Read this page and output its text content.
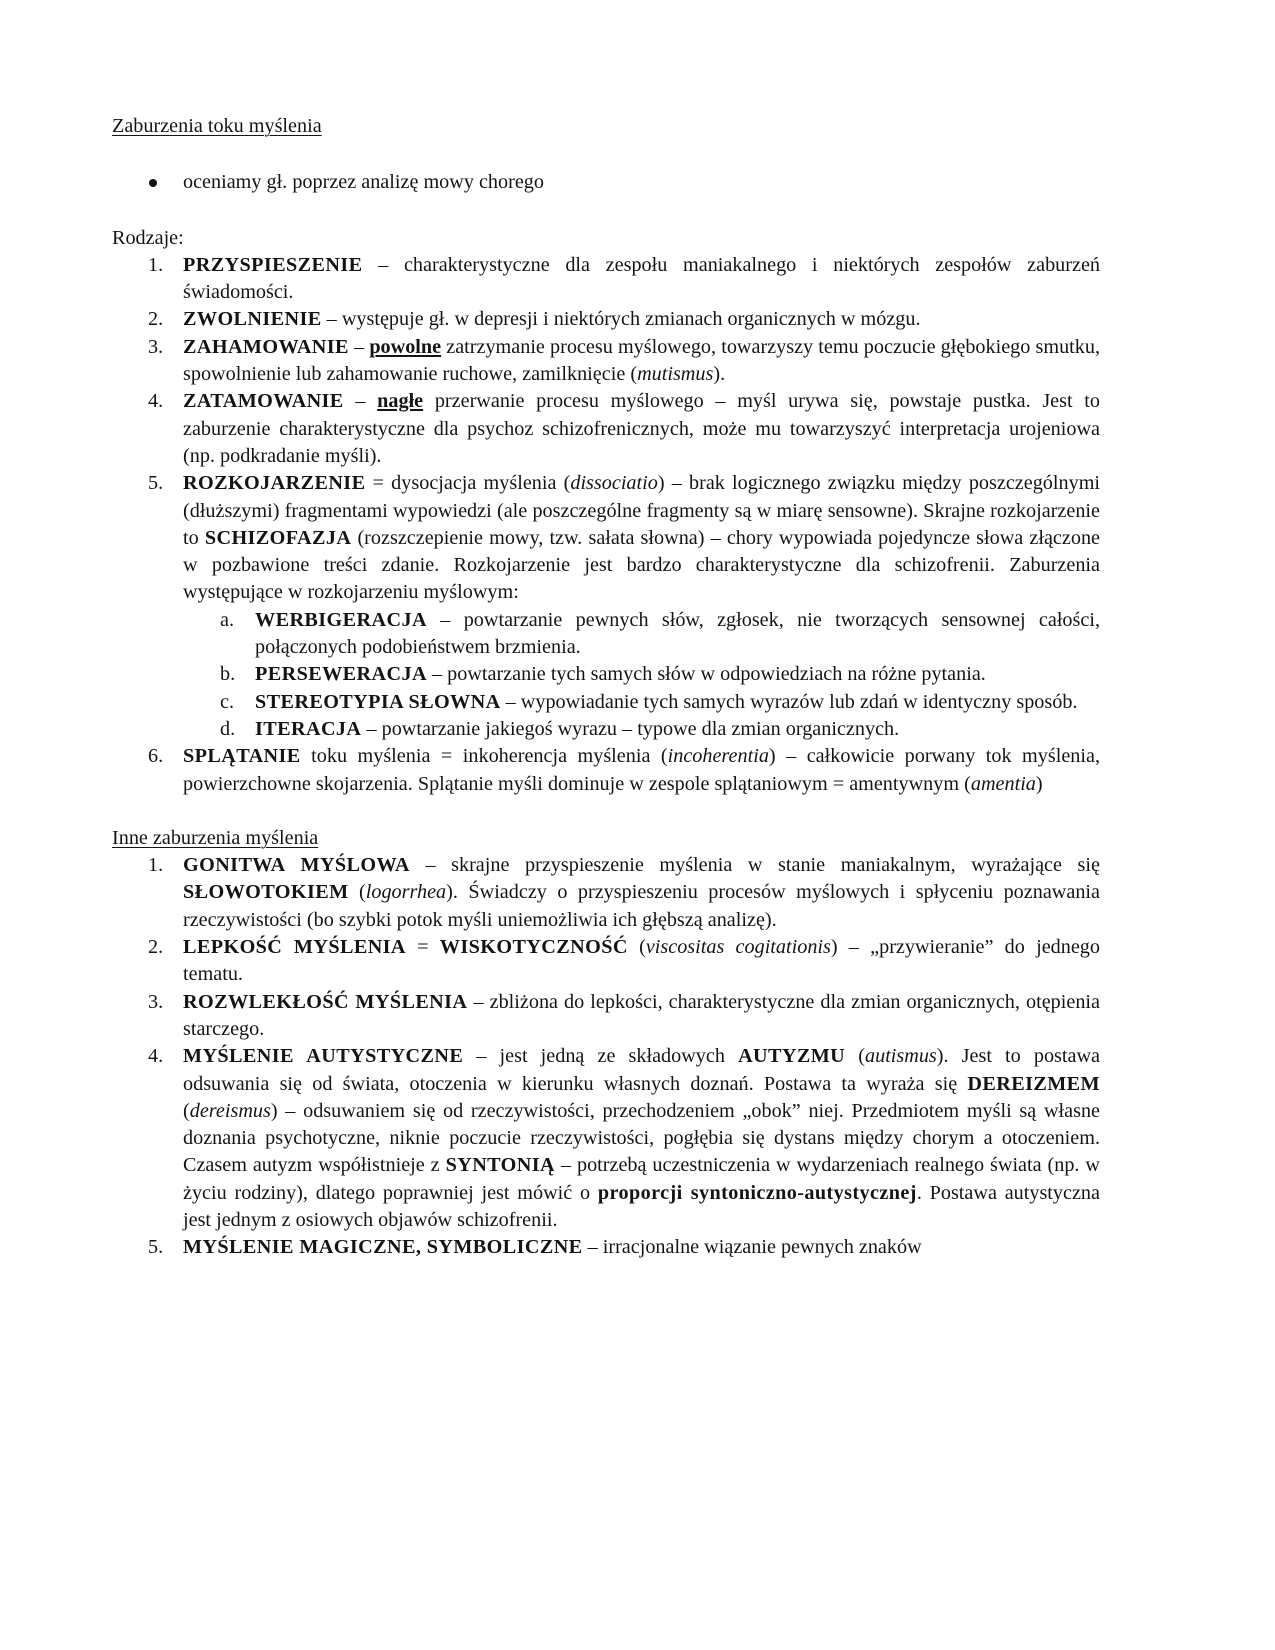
Zaburzenia toku myślenia

oceniamy gł. poprzez analizę mowy chorego

Rodzaje:

1. PRZYSPIESZENIE – charakterystyczne dla zespołu maniakalnego i niektórych zespołów zaburzeń świadomości.
2. ZWOLNIENIE – występuje gł. w depresji i niektórych zmianach organicznych w mózgu.
3. ZAHAMOWANIE – powolne zatrzymanie procesu myślowego, towarzyszy temu poczucie głębokiego smutku, spowolnienie lub zahamowanie ruchowe, zamilknięcie (mutismus).
4. ZATAMOWANIE – nagłe przerwanie procesu myślowego – myśl urywa się, powstaje pustka. Jest to zaburzenie charakterystyczne dla psychoz schizofrenicznych, może mu towarzyszyć interpretacja urojeniowa (np. podkradanie myśli).
5. ROZKOJARZENIE = dysocjacja myślenia (dissociatio) – brak logicznego związku między poszczególnymi (dłuższymi) fragmentami wypowiedzi (ale poszczególne fragmenty są w miarę sensowne). Skrajne rozkojarzenie to SCHIZOFAZJA (rozszczepienie mowy, tzw. sałata słowna) – chory wypowiada pojedyncze słowa złączone w pozbawione treści zdanie. Rozkojarzenie jest bardzo charakterystyczne dla schizofrenii. Zaburzenia występujące w rozkojarzeniu myślowym:
a. WERBIGERACJA – powtarzanie pewnych słów, zgłosek, nie tworzących sensownej całości, połączonych podobieństwem brzmienia.
b. PERSEWERACJA – powtarzanie tych samych słów w odpowiedziach na różne pytania.
c. STEREOTYPIA SŁOWNA – wypowiadanie tych samych wyrazów lub zdań w identyczny sposób.
d. ITERACJA – powtarzanie jakiegoś wyrazu – typowe dla zmian organicznych.
6. SPLĄTANIE toku myślenia = inkoherencja myślenia (incoherentia) – całkowicie porwany tok myślenia, powierzchowne skojarzenia. Splątanie myśli dominuje w zespole splątaniowym = amentywnym (amentia)

Inne zaburzenia myślenia

1. GONITWA MYŚLOWA – skrajne przyspieszenie myślenia w stanie maniakalnym, wyrażające się SŁOWOTOKIEM (logorrhea). Świadczy o przyspieszeniu procesów myślowych i spłyceniu poznawania rzeczywistości (bo szybki potok myśli uniemożliwia ich głębszą analizę).
2. LEPKOŚĆ MYŚLENIA = WISKOTYCZNOŚĆ (viscositas cogitationis) – „przywieranie” do jednego tematu.
3. ROZWLEKŁOŚĆ MYŚLENIA – zbliżona do lepkości, charakterystyczne dla zmian organicznych, otępienia starczego.
4. MYŚLENIE AUTYSTYCZNE – jest jedną ze składowych AUTYZMU (autismus). Jest to postawa odsuwania się od świata, otoczenia w kierunku własnych doznań. Postawa ta wyraża się DEREIZMEM (dereismus) – odsuwaniem się od rzeczywistości, przechodzeniem „obok” niej. Przedmiotem myśli są własne doznania psychotyczne, niknie poczucie rzeczywistości, pogłębia się dystans między chorym a otoczeniem. Czasem autyzm współistnieje z SYNTONIĄ – potrzebą uczestniczenia w wydarzeniach realnego świata (np. w życiu rodziny), dlatego poprawniej jest mówić o proporcji syntoniczno-autystycznej. Postawa autystyczna jest jednym z osiowych objawów schizofrenii.
5. MYŚLENIE MAGICZNE, SYMBOLICZNE – irracjonalne wiązanie pewnych znaków
